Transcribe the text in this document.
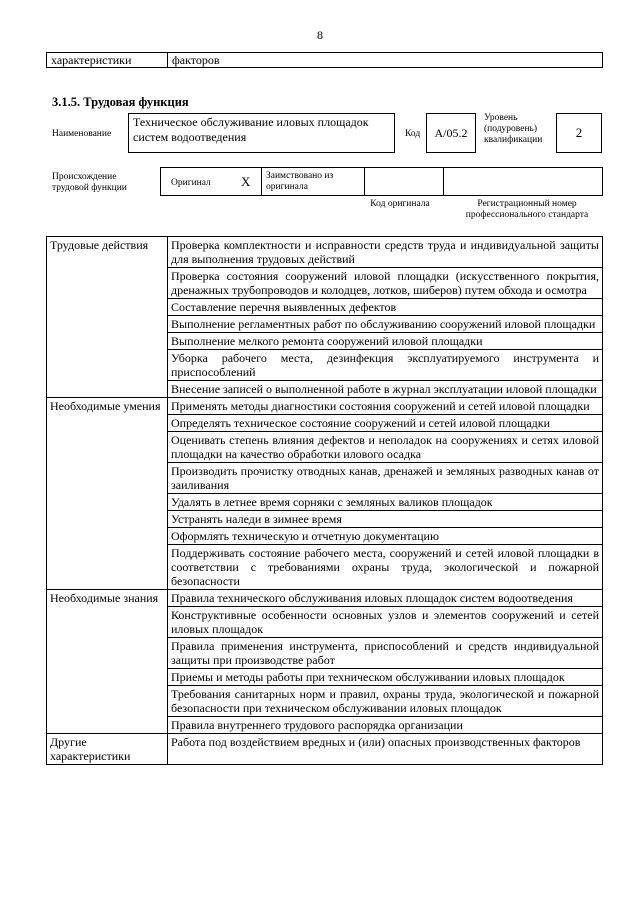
8
характеристики	факторов
3.1.5. Трудовая функция
Наименование
Техническое обслуживание иловых площадок систем водоотведения	Код	A/05.2
Уровень (подуровень) квалификации	2
Происхождение трудовой функции	Оригинал X Заимствовано из оригинала
Код оригинала	Регистрационный номер профессионального стандарта
Трудовые действия	Проверка комплектности и исправности средств труда и индивидуальной защиты для выполнения трудовых действий
	Проверка состояния сооружений иловой площадки (искусственного покрытия, дренажных трубопроводов и колодцев, лотков, шиберов) путем обхода и осмотра
	Составление перечня выявленных дефектов
	Выполнение регламентных работ по обслуживанию сооружений иловой площадки
	Выполнение мелкого ремонта сооружений иловой площадки
	Уборка рабочего места, дезинфекция эксплуатируемого инструмента и приспособлений
	Внесение записей о выполненной работе в журнал эксплуатации иловой площадки
Необходимые умения	Применять методы диагностики состояния сооружений и сетей иловой площадки
	Определять техническое состояние сооружений и сетей иловой площадки
	Оценивать степень влияния дефектов и неполадок на сооружениях и сетях иловой площадки на качество обработки илового осадка
	Производить прочистку отводных канав, дренажей и земляных разводных канав от заиливания
	Удалять в летнее время сорняки с земляных валиков площадок
	Устранять наледи в зимнее время
	Оформлять техническую и отчетную документацию
	Поддерживать состояние рабочего места, сооружений и сетей иловой площадки в соответствии с требованиями охраны труда, экологической и пожарной безопасности
Необходимые знания	Правила технического обслуживания иловых площадок систем водоотведения
	Конструктивные особенности основных узлов и элементов сооружений и сетей иловых площадок
	Правила применения инструмента, приспособлений и средств индивидуальной защиты при производстве работ
	Приемы и методы работы при техническом обслуживании иловых площадок
	Требования санитарных норм и правил, охраны труда, экологической и пожарной безопасности при техническом обслуживании иловых площадок
	Правила внутреннего трудового распорядка организации
Другие характеристики	Работа под воздействием вредных и (или) опасных производственных факторов
